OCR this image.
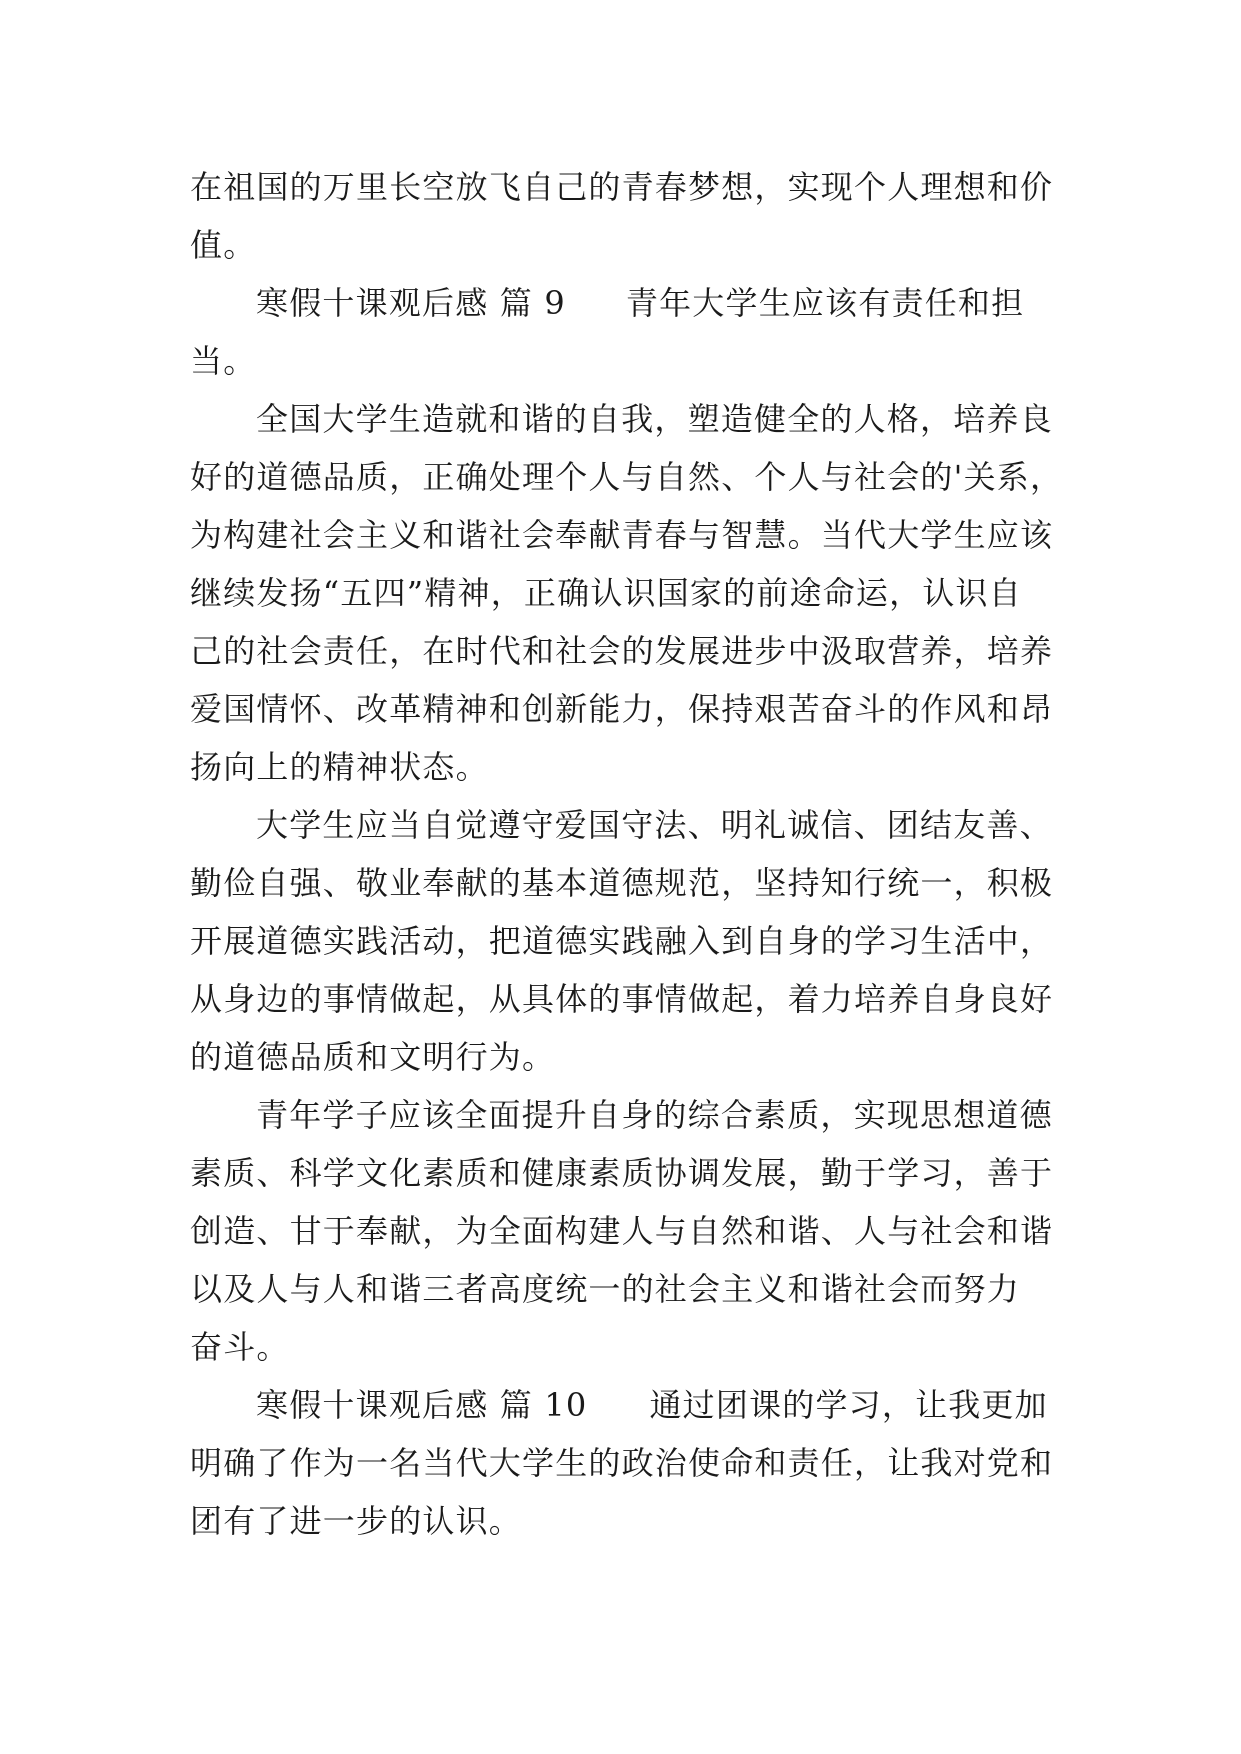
在祖国的万里长空放飞自己的青春梦想，实现个人理想和价
值。
寒假十课观后感 篇 9 青年大学生应该有责任和担
当。
全国大学生造就和谐的自我，塑造健全的人格，培养良
好的道德品质，正确处理个人与自然、个人与社会的'关系，
为构建社会主义和谐社会奉献青春与智慧。当代大学生应该
继续发扬“五四”精神，正确认识国家的前途命运，认识自
己的社会责任，在时代和社会的发展进步中汲取营养，培养
爱国情怀、改革精神和创新能力，保持艰苦奋斗的作风和昂
扬向上的精神状态。
大学生应当自觉遵守爱国守法、明礼诚信、团结友善、
勤俭自强、敬业奉献的基本道德规范，坚持知行统一，积极
开展道德实践活动，把道德实践融入到自身的学习生活中，
从身边的事情做起，从具体的事情做起，着力培养自身良好
的道德品质和文明行为。
青年学子应该全面提升自身的综合素质，实现思想道德
素质、科学文化素质和健康素质协调发展，勤于学习，善于
创造、甘于奉献，为全面构建人与自然和谐、人与社会和谐
以及人与人和谐三者高度统一的社会主义和谐社会而努力
奋斗。
寒假十课观后感 篇 10 通过团课的学习，让我更加
明确了作为一名当代大学生的政治使命和责任，让我对党和
团有了进一步的认识。
